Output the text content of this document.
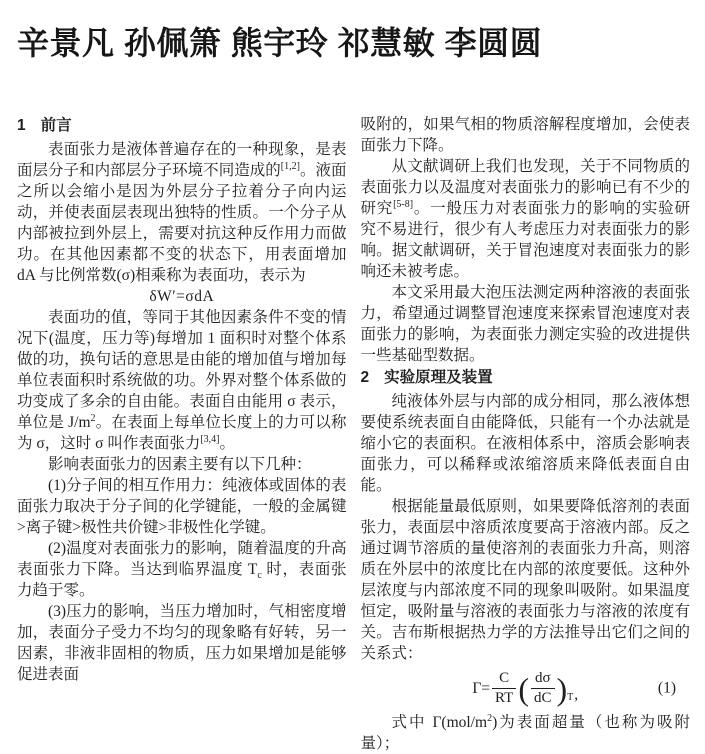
辛景凡 孙佩箫 熊宇玲 祁慧敏 李圆圆
1 前言

表面张力是液体普遍存在的一种现象，是表面层分子和内部层分子环境不同造成的[1,2]。液面之所以会缩小是因为外层分子拉着分子向内运动，并使表面层表现出独特的性质。一个分子从内部被拉到外层上，需要对抗这种反作用力而做功。在其他因素都不变的状态下，用表面增加 dA 与比例常数(σ)相乘称为表面功，表示为

δW′=σdA

表面功的值，等同于其他因素条件不变的情况下(温度，压力等)每增加 1 面积时对整个体系做的功，换句话的意思是由能的增加值与增加每单位表面积时系统做的功。外界对整个体系做的功变成了多余的自由能。表面自由能用 σ 表示，单位是 $J/m^2$。在表面上每单位长度上的力可以称为 σ，这时 σ 叫作表面张力[3,4]。

影响表面张力的因素主要有以下几种：

(1)分子间的相互作用力：纯液体或固体的表面张力取决于分子间的化学键能，一般的金属键>离子键>极性共价键>非极性化学键。

(2)温度对表面张力的影响，随着温度的升高表面张力下降。当达到临界温度 $T_c$ 时，表面张力趋于零。

(3)压力的影响，当压力增加时，气相密度增加，表面分子受力不均匀的现象略有好转，另一因素，非液非固相的物质，压力如果增加是能够促进表面

吸附的，如果气相的物质溶解程度增加，会使表面张力下降。

从文献调研上我们也发现，关于不同物质的表面张力以及温度对表面张力的影响已有不少的研究[5-8]。一般压力对表面张力的影响的实验研究不易进行，很少有人考虑压力对表面张力的影响。据文献调研，关于冒泡速度对表面张力的影响还未被考虑。

本文采用最大泡压法测定两种溶液的表面张力，希望通过调整冒泡速度来探索冒泡速度对表面张力的影响，为表面张力测定实验的改进提供一些基础型数据。

2 实验原理及装置

纯液体外层与内部的成分相同，那么液体想要使系统表面自由能降低，只能有一个办法就是缩小它的表面积。在液相体系中，溶质会影响表面张力，可以稀释或浓缩溶质来降低表面自由能。

根据能量最低原则，如果要降低溶剂的表面张力，表面层中溶质浓度要高于溶液内部。反之通过调节溶质的量使溶剂的表面张力升高，则溶质在外层中的浓度比在内部的浓度要低。这种外层浓度与内部浓度不同的现象叫吸附。如果温度恒定，吸附量与溶液的表面张力与溶液的浓度有关。吉布斯根据热力学的方法推导出它们之间的关系式：

$\Gamma= \frac{C}{RT}$ ( $\frac{d\sigma}{dC} )T$,	(1)

式中 $\Gamma(mol/m^2)$为表面超量（也称为吸附量）；
